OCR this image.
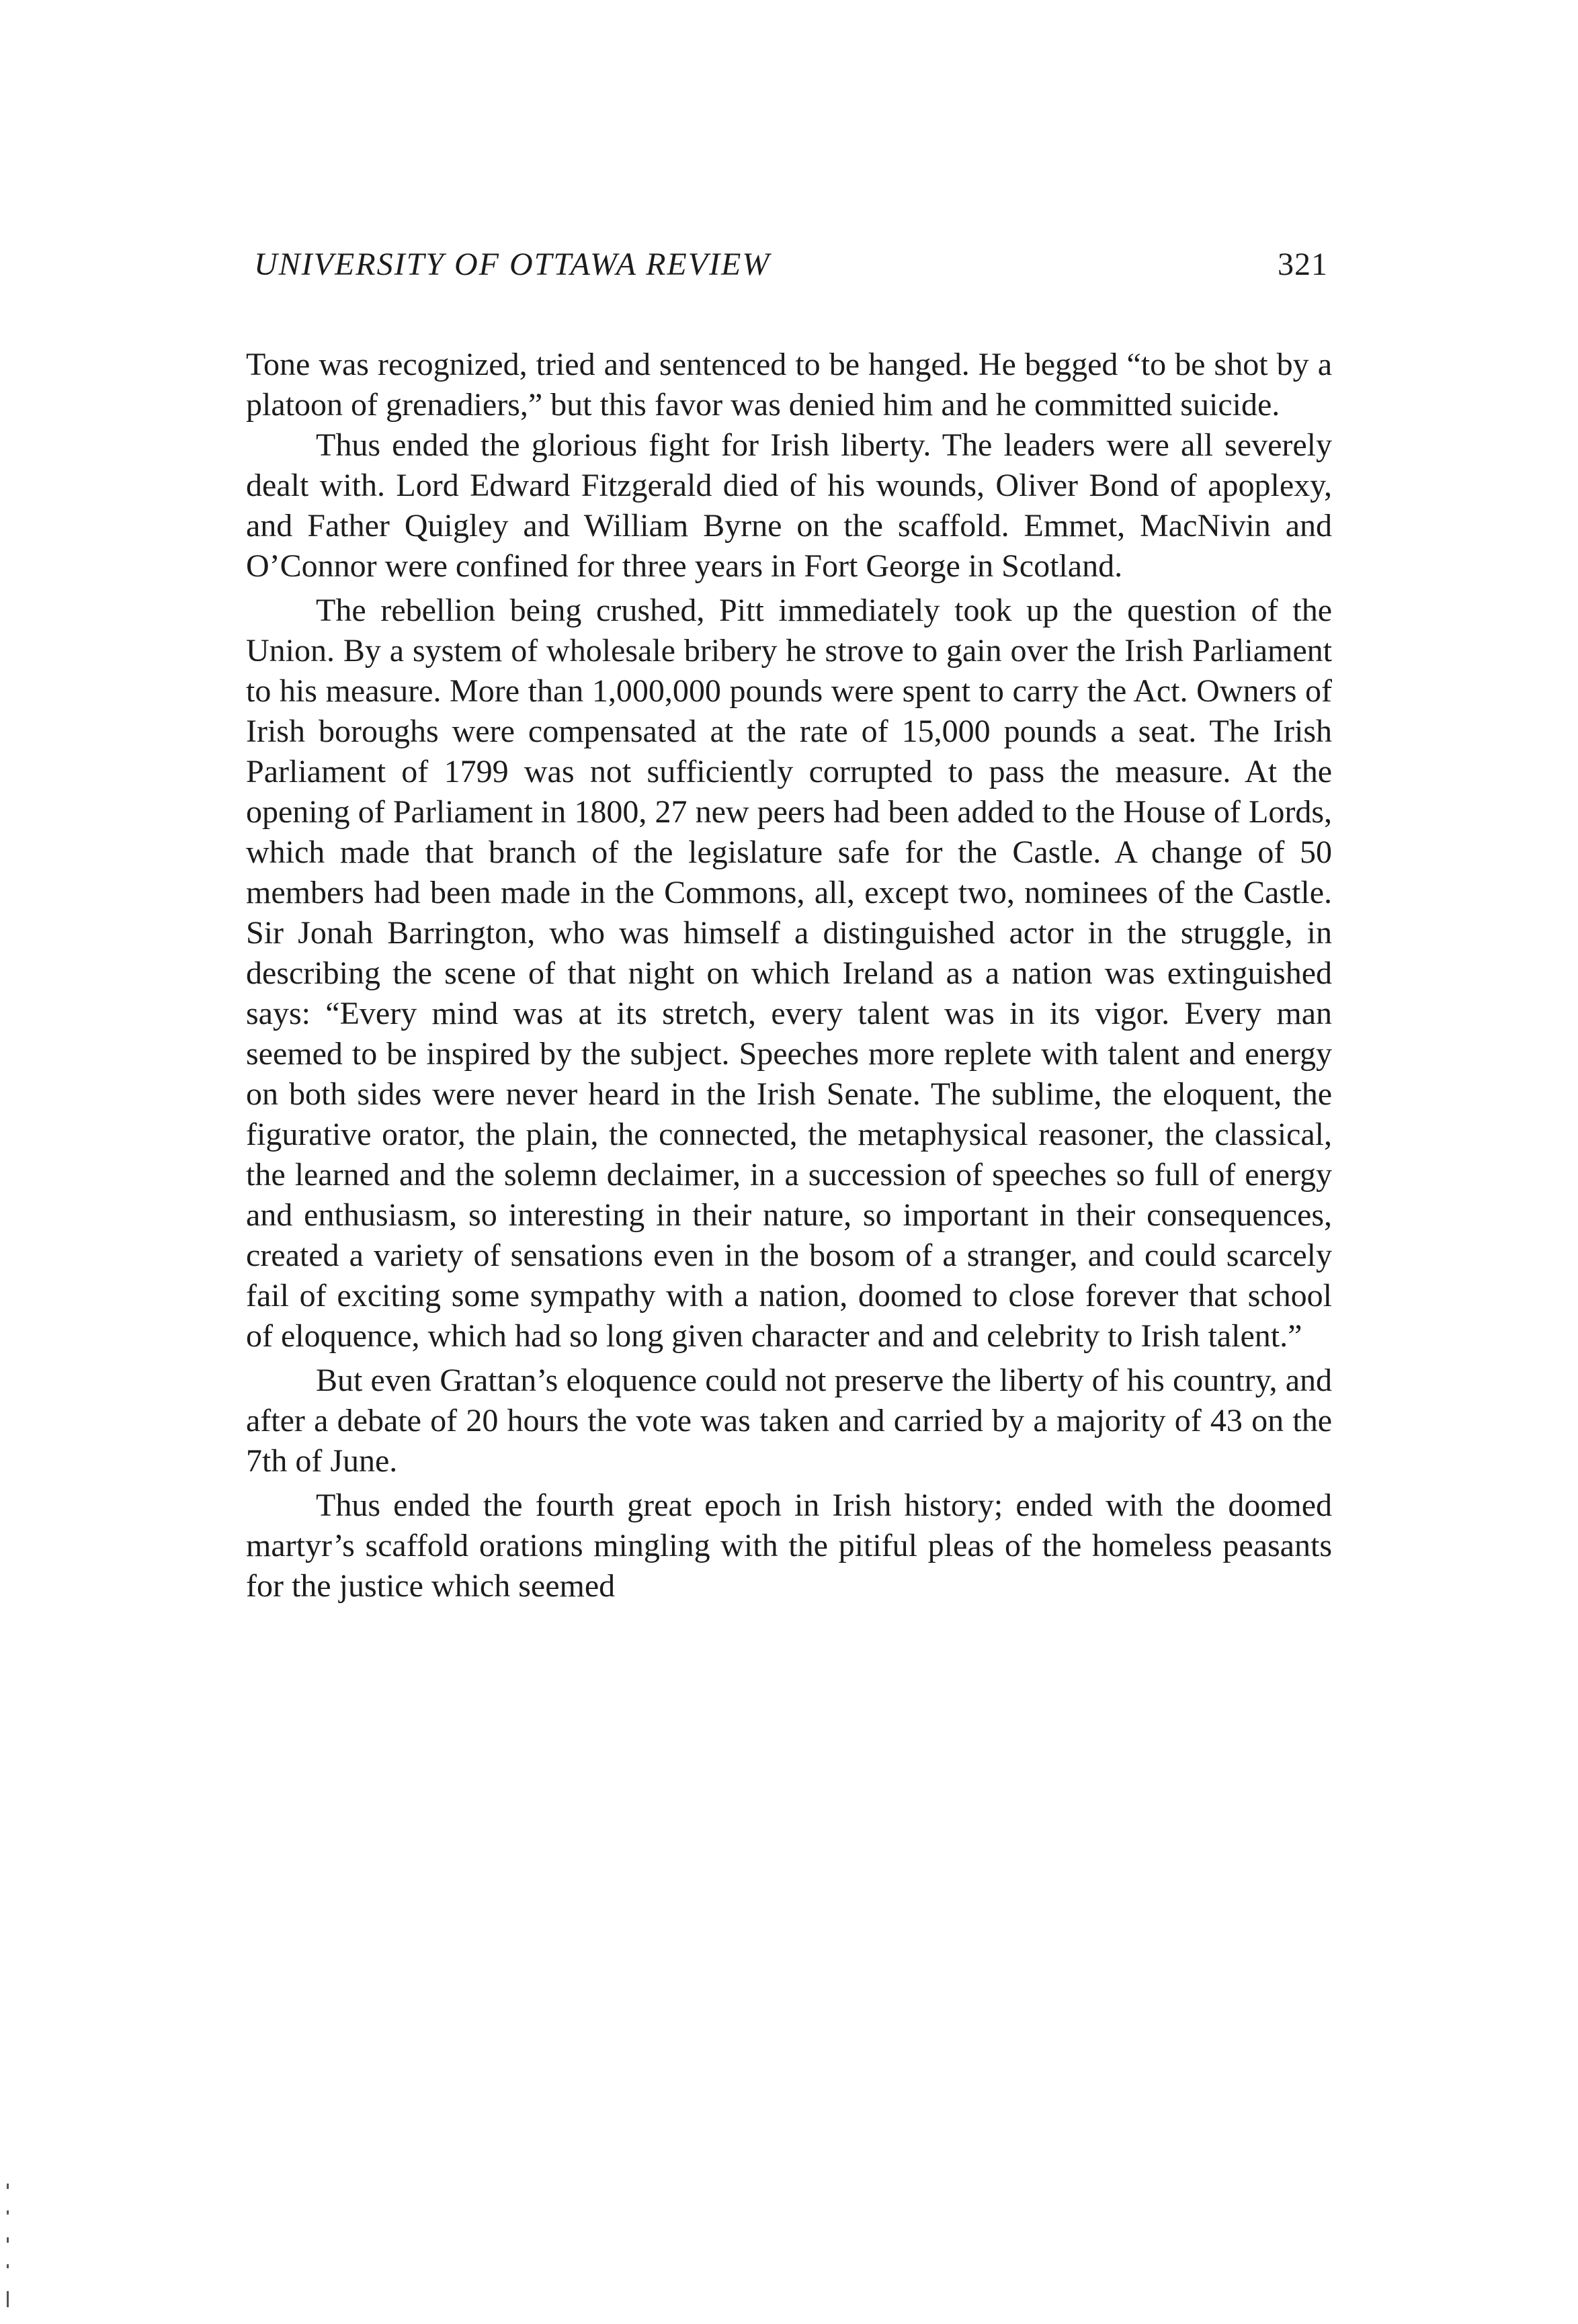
UNIVERSITY OF OTTAWA REVIEW	321

Tone was recognized, tried and sentenced to be hanged. He begged “to be shot by a platoon of grenadiers,” but this favor was denied him and he committed suicide.

Thus ended the glorious fight for Irish liberty. The leaders were all severely dealt with. Lord Edward Fitzgerald died of his wounds, Oliver Bond of apoplexy, and Father Quigley and William Byrne on the scaffold. Emmet, MacNivin and O’Connor were confined for three years in Fort George in Scotland.

The rebellion being crushed, Pitt immediately took up the question of the Union. By a system of wholesale bribery he strove to gain over the Irish Parliament to his measure. More than 1,000,000 pounds were spent to carry the Act. Owners of Irish boroughs were compensated at the rate of 15,000 pounds a seat. The Irish Parliament of 1799 was not sufficiently corrupted to pass the measure. At the opening of Parliament in 1800, 27 new peers had been added to the House of Lords, which made that branch of the legislature safe for the Castle. A change of 50 members had been made in the Commons, all, except two, nominees of the Castle. Sir Jonah Barrington, who was himself a distinguished actor in the struggle, in describing the scene of that night on which Ireland as a nation was extinguished says: “Every mind was at its stretch, every talent was in its vigor. Every man seemed to be inspired by the subject. Speeches more replete with talent and energy on both sides were never heard in the Irish Senate. The sublime, the eloquent, the figurative orator, the plain, the connected, the metaphysical reasoner, the classical, the learned and the solemn declaimer, in a succession of speeches so full of energy and enthusiasm, so interesting in their nature, so important in their consequences, created a variety of sensations even in the bosom of a stranger, and could scarcely fail of exciting some sympathy with a nation, doomed to close forever that school of eloquence, which had so long given character and and celebrity to Irish talent.”

But even Grattan’s eloquence could not preserve the liberty of his country, and after a debate of 20 hours the vote was taken and carried by a majority of 43 on the 7th of June.

Thus ended the fourth great epoch in Irish history; ended with the doomed martyr’s scaffold orations mingling with the pitiful pleas of the homeless peasants for the justice which seemed
